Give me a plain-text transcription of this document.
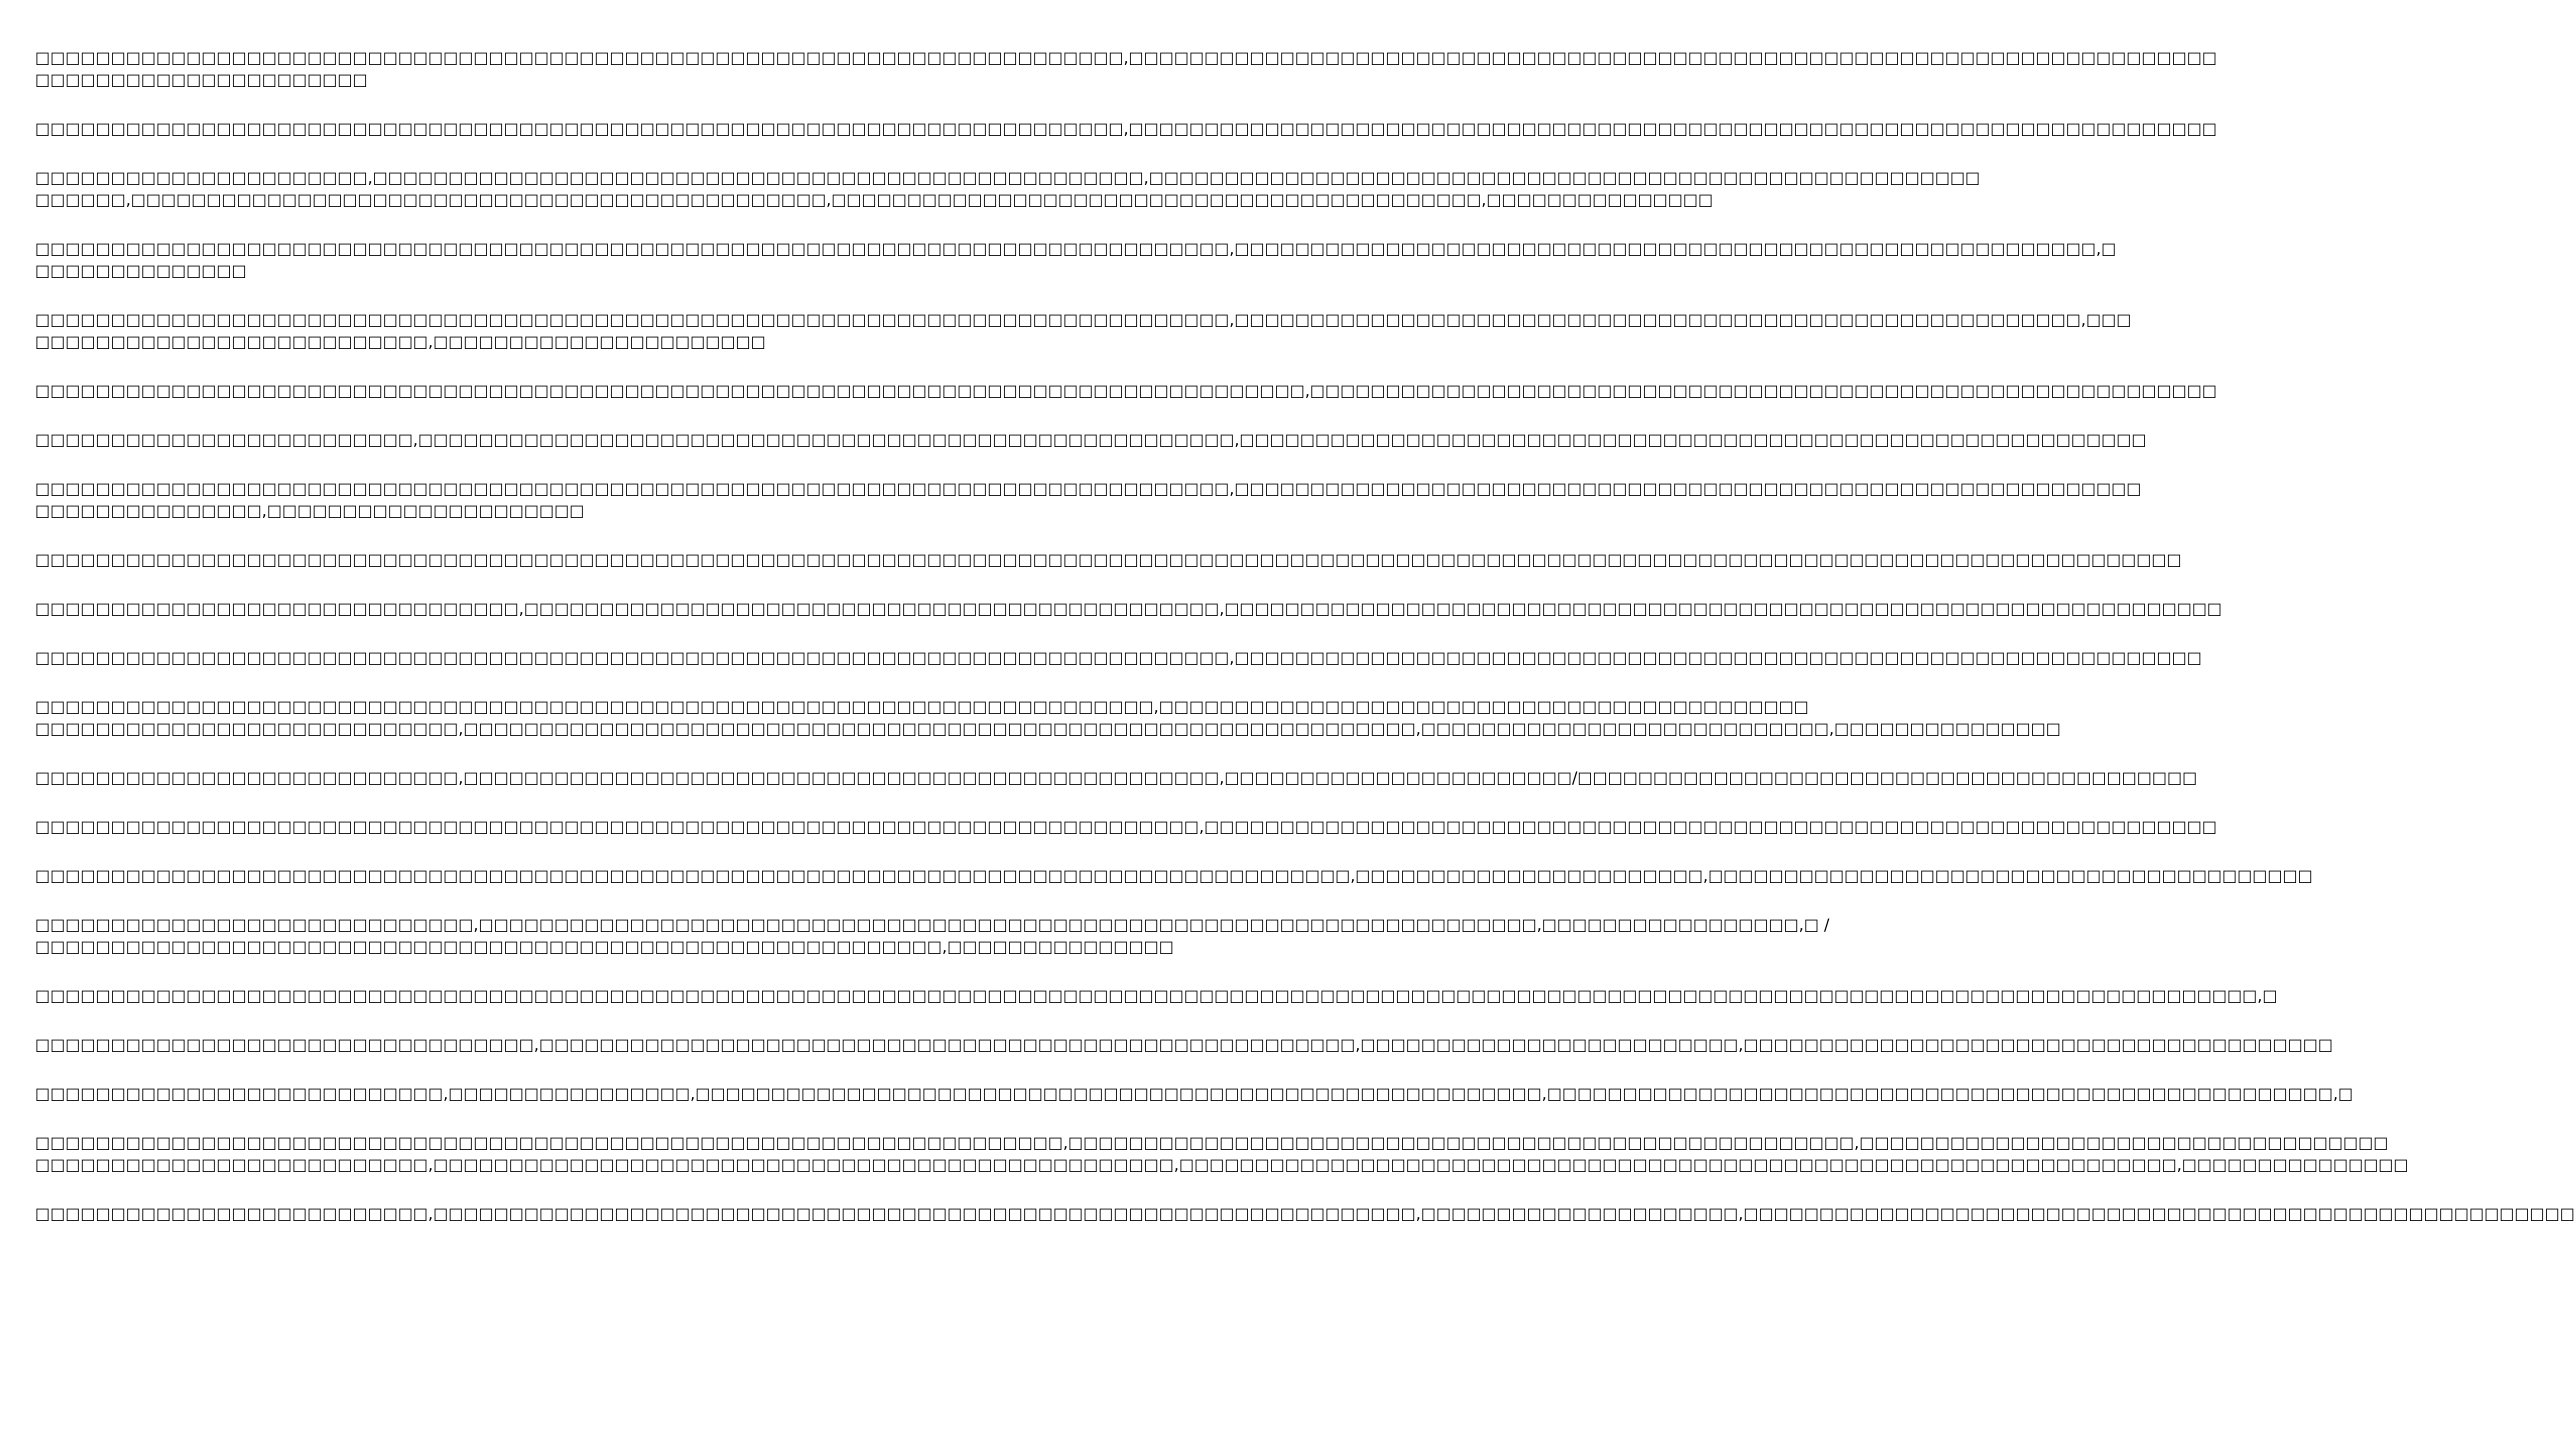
□□□□□□□□□□□□□□□□□□□□□□□□□□□□□□□□□□□□□□□□□□□□□□□□□□□□□□□□□□□□□□□□□□□□□□□□,□□□□□□□□□□□□□□□□□□□□□□□□□□□□□□□□□□□□□□□□□□□□□□□□□□□□□□□□□□□□□□□□□□□□□□□□
□□□□□□□□□□□□□□□□□□□□□□

□□□□□□□□□□□□□□□□□□□□□□□□□□□□□□□□□□□□□□□□□□□□□□□□□□□□□□□□□□□□□□□□□□□□□□□□,□□□□□□□□□□□□□□□□□□□□□□□□□□□□□□□□□□□□□□□□□□□□□□□□□□□□□□□□□□□□□□□□□□□□□□□□

□□□□□□□□□□□□□□□□□□□□□□,□□□□□□□□□□□□□□□□□□□□□□□□□□□□□□□□□□□□□□□□□□□□□□□□□□□,□□□□□□□□□□□□□□□□□□□□□□□□□□□□□□□□□□□□□□□□□□□□□□□□□□□□□□□
□□□□□□,□□□□□□□□□□□□□□□□□□□□□□□□□□□□□□□□□□□□□□□□□□□□□□,□□□□□□□□□□□□□□□□□□□□□□□□□□□□□□□□□□□□□□□□□□□,□□□□□□□□□□□□□□□

□□□□□□□□□□□□□□□□□□□□□□□□□□□□□□□□□□□□□□□□□□□□□□□□□□□□□□□□□□□□□□□□□□□□□□□□□□□□□□□,□□□□□□□□□□□□□□□□□□□□□□□□□□□□□□□□□□□□□□□□□□□□□□□□□□□□□□□□□,□
□□□□□□□□□□□□□□

□□□□□□□□□□□□□□□□□□□□□□□□□□□□□□□□□□□□□□□□□□□□□□□□□□□□□□□□□□□□□□□□□□□□□□□□□□□□□□□,□□□□□□□□□□□□□□□□□□□□□□□□□□□□□□□□□□□□□□□□□□□□□□□□□□□□□□□□,□□□
□□□□□□□□□□□□□□□□□□□□□□□□□□,□□□□□□□□□□□□□□□□□□□□□□

□□□□□□□□□□□□□□□□□□□□□□□□□□□□□□□□□□□□□□□□□□□□□□□□□□□□□□□□□□□□□□□□□□□□□□□□□□□□□□□□□□□□,□□□□□□□□□□□□□□□□□□□□□□□□□□□□□□□□□□□□□□□□□□□□□□□□□□□□□□□□□□□□

□□□□□□□□□□□□□□□□□□□□□□□□□,□□□□□□□□□□□□□□□□□□□□□□□□□□□□□□□□□□□□□□□□□□□□□□□□□□□□□□,□□□□□□□□□□□□□□□□□□□□□□□□□□□□□□□□□□□□□□□□□□□□□□□□□□□□□□□□□□□□

□□□□□□□□□□□□□□□□□□□□□□□□□□□□□□□□□□□□□□□□□□□□□□□□□□□□□□□□□□□□□□□□□□□□□□□□□□□□□□□,□□□□□□□□□□□□□□□□□□□□□□□□□□□□□□□□□□□□□□□□□□□□□□□□□□□□□□□□□□□□
□□□□□□□□□□□□□□□,□□□□□□□□□□□□□□□□□□□□□

□□□□□□□□□□□□□□□□□□□□□□□□□□□□□□□□□□□□□□□□□□□□□□□□□□□□□□□□□□□□□□□□□□□□□□□□□□□□□□□□□□□□□□□□□□□□□□□□□□□□□□□□□□□□□□□□□□□□□□□□□□□□□□□□□□□□□□□□□□□□□□

□□□□□□□□□□□□□□□□□□□□□□□□□□□□□□□□,□□□□□□□□□□□□□□□□□□□□□□□□□□□□□□□□□□□□□□□□□□□□□□,□□□□□□□□□□□□□□□□□□□□□□□□□□□□□□□□□□□□□□□□□□□□□□□□□□□□□□□□□□□□□□□□□□

□□□□□□□□□□□□□□□□□□□□□□□□□□□□□□□□□□□□□□□□□□□□□□□□□□□□□□□□□□□□□□□□□□□□□□□□□□□□□□□,□□□□□□□□□□□□□□□□□□□□□□□□□□□□□□□□□□□□□□□□□□□□□□□□□□□□□□□□□□□□□□□□

□□□□□□□□□□□□□□□□□□□□□□□□□□□□□□□□□□□□□□□□□□□□□□□□□□□□□□□□□□□□□□□□□□□□□□□□□□,□□□□□□□□□□□□□□□□□□□□□□□□□□□□□□□□□□□□□□□□□□□
□□□□□□□□□□□□□□□□□□□□□□□□□□□□,□□□□□□□□□□□□□□□□□□□□□□□□□□□□□□□□□□□□□□□□□□□□□□□□□□□□□□□□□□□□□□□,□□□□□□□□□□□□□□□□□□□□□□□□□□□,□□□□□□□□□□□□□□□

□□□□□□□□□□□□□□□□□□□□□□□□□□□□,□□□□□□□□□□□□□□□□□□□□□□□□□□□□□□□□□□□□□□□□□□□□□□□□□□,□□□□□□□□□□□□□□□□□□□□□□□/□□□□□□□□□□□□□□□□□□□□□□□□□□□□□□□□□□□□□□□□□

□□□□□□□□□□□□□□□□□□□□□□□□□□□□□□□□□□□□□□□□□□□□□□□□□□□□□□□□□□□□□□□□□□□□□□□□□□□□□,□□□□□□□□□□□□□□□□□□□□□□□□□□□□□□□□□□□□□□□□□□□□□□□□□□□□□□□□□□□□□□□□□□□

□□□□□□□□□□□□□□□□□□□□□□□□□□□□□□□□□□□□□□□□□□□□□□□□□□□□□□□□□□□□□□□□□□□□□□□□□□□□□□□□□□□□□□□,□□□□□□□□□□□□□□□□□□□□□□□,□□□□□□□□□□□□□□□□□□□□□□□□□□□□□□□□□□□□□□□□

□□□□□□□□□□□□□□□□□□□□□□□□□□□□□,□□□□□□□□□□□□□□□□□□□□□□□□□□□□□□□□□□□□□□□□□□□□□□□□□□□□□□□□□□□□□□□□□□□□□□,□□□□□□□□□□□□□□□□□,□ /
□□□□□□□□□□□□□□□□□□□□□□□□□□□□□□□□□□□□□□□□□□□□□□□□□□□□□□□□□□□□,□□□□□□□□□□□□□□□

□□□□□□□□□□□□□□□□□□□□□□□□□□□□□□□□□□□□□□□□□□□□□□□□□□□□□□□□□□□□□□□□□□□□□□□□□□□□□□□□□□□□□□□□□□□□□□□□□□□□□□□□□□□□□□□□□□□□□□□□□□□□□□□□□□□□□□□□□□□□□□□□□□□,□

□□□□□□□□□□□□□□□□□□□□□□□□□□□□□□□□□,□□□□□□□□□□□□□□□□□□□□□□□□□□□□□□□□□□□□□□□□□□□□□□□□□□□□□□,□□□□□□□□□□□□□□□□□□□□□□□□□,□□□□□□□□□□□□□□□□□□□□□□□□□□□□□□□□□□□□□□□

□□□□□□□□□□□□□□□□□□□□□□□□□□□,□□□□□□□□□□□□□□□□,□□□□□□□□□□□□□□□□□□□□□□□□□□□□□□□□□□□□□□□□□□□□□□□□□□□□□□□□,□□□□□□□□□□□□□□□□□□□□□□□□□□□□□□□□□□□□□□□□□□□□□□□□□□□□,□

□□□□□□□□□□□□□□□□□□□□□□□□□□□□□□□□□□□□□□□□□□□□□□□□□□□□□□□□□□□□□□□□□□□□,□□□□□□□□□□□□□□□□□□□□□□□□□□□□□□□□□□□□□□□□□□□□□□□□□□□□,□□□□□□□□□□□□□□□□□□□□□□□□□□□□□□□□□□□
□□□□□□□□□□□□□□□□□□□□□□□□□□,□□□□□□□□□□□□□□□□□□□□□□□□□□□□□□□□□□□□□□□□□□□□□□□□□,□□□□□□□□□□□□□□□□□□□□□□□□□□□□□□□□□□□□□□□□□□□□□□□□□□□□□□□□□□□□□□□□□□,□□□□□□□□□□□□□□□

□□□□□□□□□□□□□□□□□□□□□□□□□□,□□□□□□□□□□□□□□□□□□□□□□□□□□□□□□□□□□□□□□□□□□□□□□□□□□□□□□□□□□□□□□□□□,□□□□□□□□□□□□□□□□□□□□□,□□□□□□□□□□□□□□□□□□□□□□□□□□□□□□□□□□□□□□□□□□□□□□□□□□□□□□□
